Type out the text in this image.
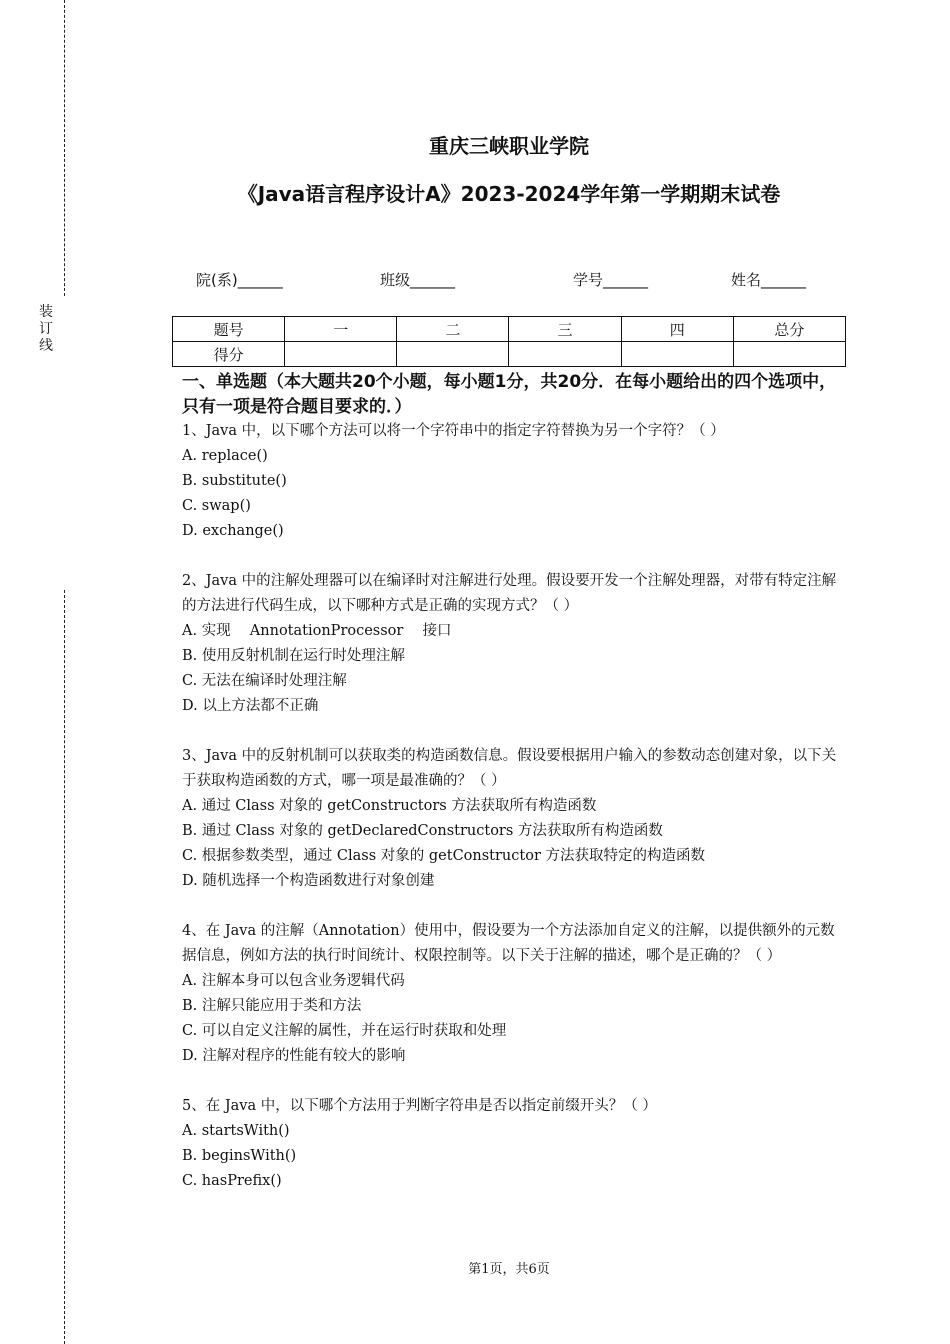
装
订
线
重庆三峡职业学院
《Java语言程序设计A》2023-2024学年第一学期期末试卷
院(系)______	班级______	学号______	姓名______
题号	一	二	三	四	总分
得分					
一、单选题（本大题共20个小题，每小题1分，共20分．在每小题给出的四个选项中，只有一项是符合题目要求的．）

1、Java 中，以下哪个方法可以将一个字符串中的指定字符替换为另一个字符？（ ）

A. replace()

B. substitute()

C. swap()

D. exchange()

2、Java 中的注解处理器可以在编译时对注解进行处理。假设要开发一个注解处理器，对带有特定注解的方法进行代码生成，以下哪种方式是正确的实现方式？（ ）

A. 实现　 AnnotationProcessor　 接口

B. 使用反射机制在运行时处理注解

C. 无法在编译时处理注解

D. 以上方法都不正确

3、Java 中的反射机制可以获取类的构造函数信息。假设要根据用户输入的参数动态创建对象，以下关于获取构造函数的方式，哪一项是最准确的？（ ）

A. 通过 Class 对象的 getConstructors 方法获取所有构造函数

B. 通过 Class 对象的 getDeclaredConstructors 方法获取所有构造函数

C. 根据参数类型，通过 Class 对象的 getConstructor 方法获取特定的构造函数

D. 随机选择一个构造函数进行对象创建

4、在 Java 的注解（Annotation）使用中，假设要为一个方法添加自定义的注解，以提供额外的元数据信息，例如方法的执行时间统计、权限控制等。以下关于注解的描述，哪个是正确的？（ ）

A. 注解本身可以包含业务逻辑代码

B. 注解只能应用于类和方法

C. 可以自定义注解的属性，并在运行时获取和处理

D. 注解对程序的性能有较大的影响

5、在 Java 中，以下哪个方法用于判断字符串是否以指定前缀开头？（ ）

A. startsWith()

B. beginsWith()

C. hasPrefix()

第1页，共6页
